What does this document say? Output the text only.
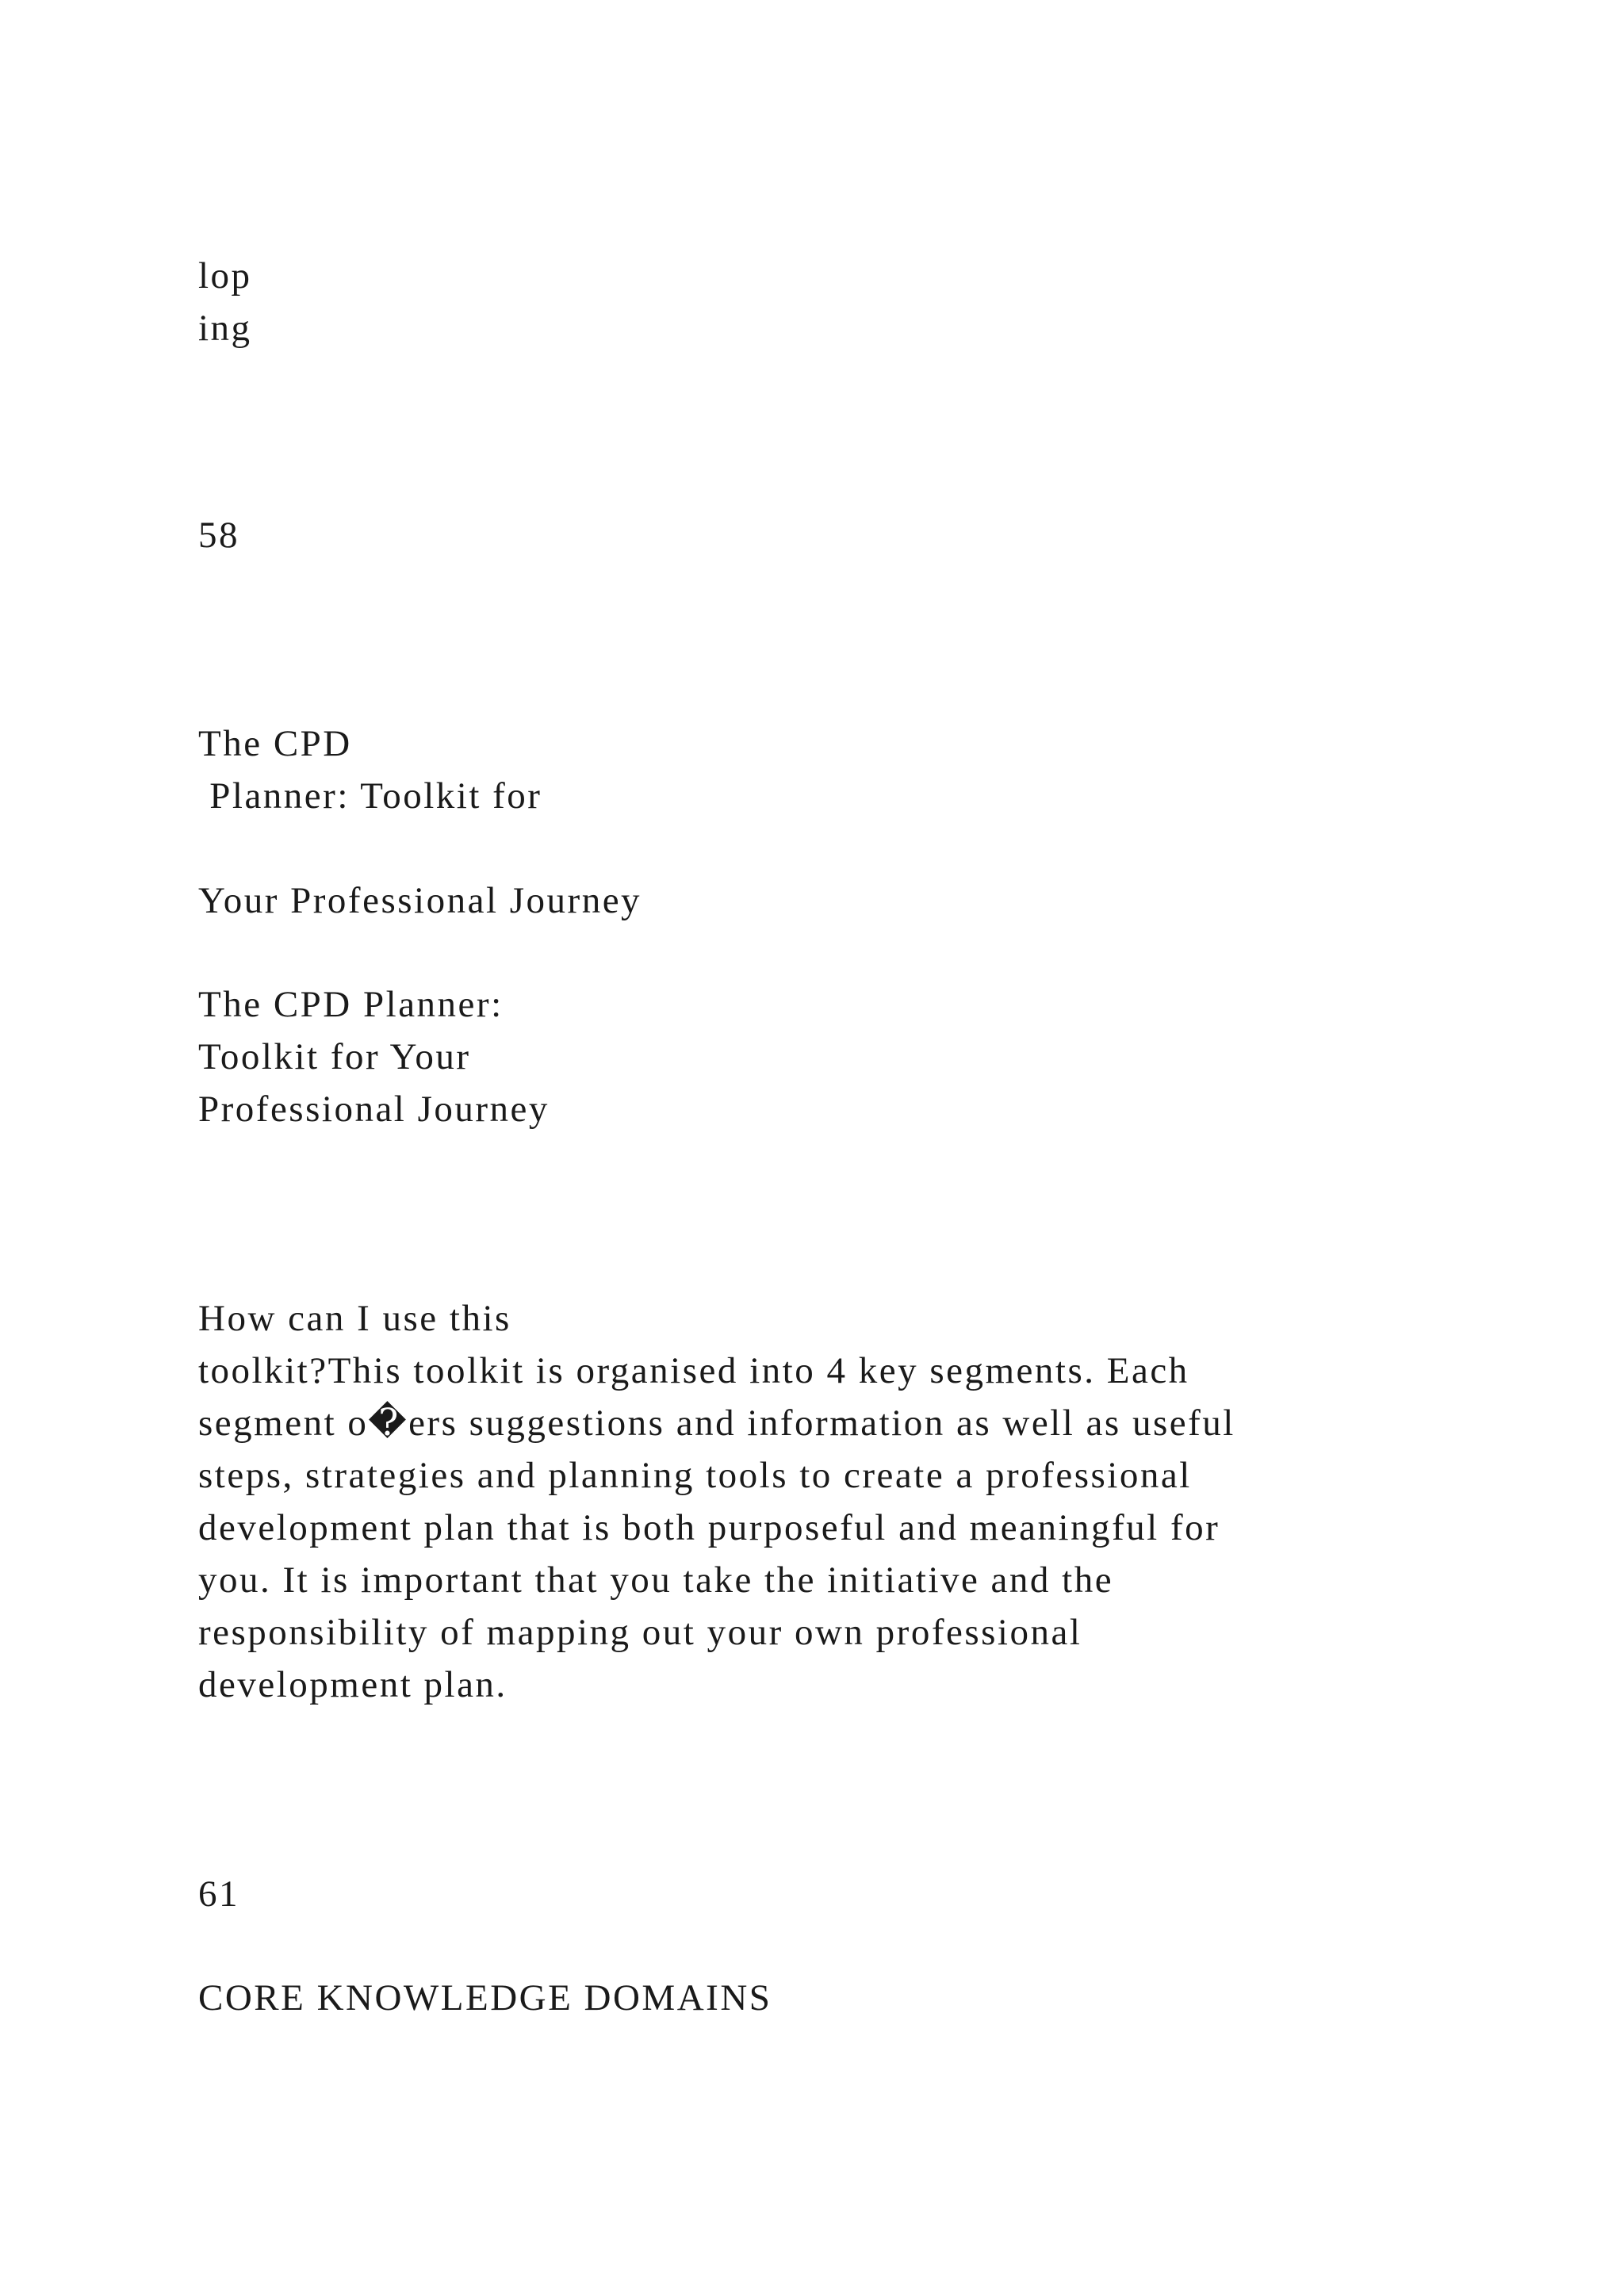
lop
ing
58
The CPD
Planner: Toolkit for
Your Professional Journey
The CPD Planner:
Toolkit for Your
Professional Journey
How can I use this
toolkit?This toolkit is organised into 4 key segments. Each
segment o�ers suggestions and information as well as useful
steps, strategies and planning tools to create a professional
development plan that is both purposeful and meaningful for
you. It is important that you take the initiative and the
responsibility of mapping out your own professional
development plan.
61
CORE KNOWLEDGE DOMAINS
